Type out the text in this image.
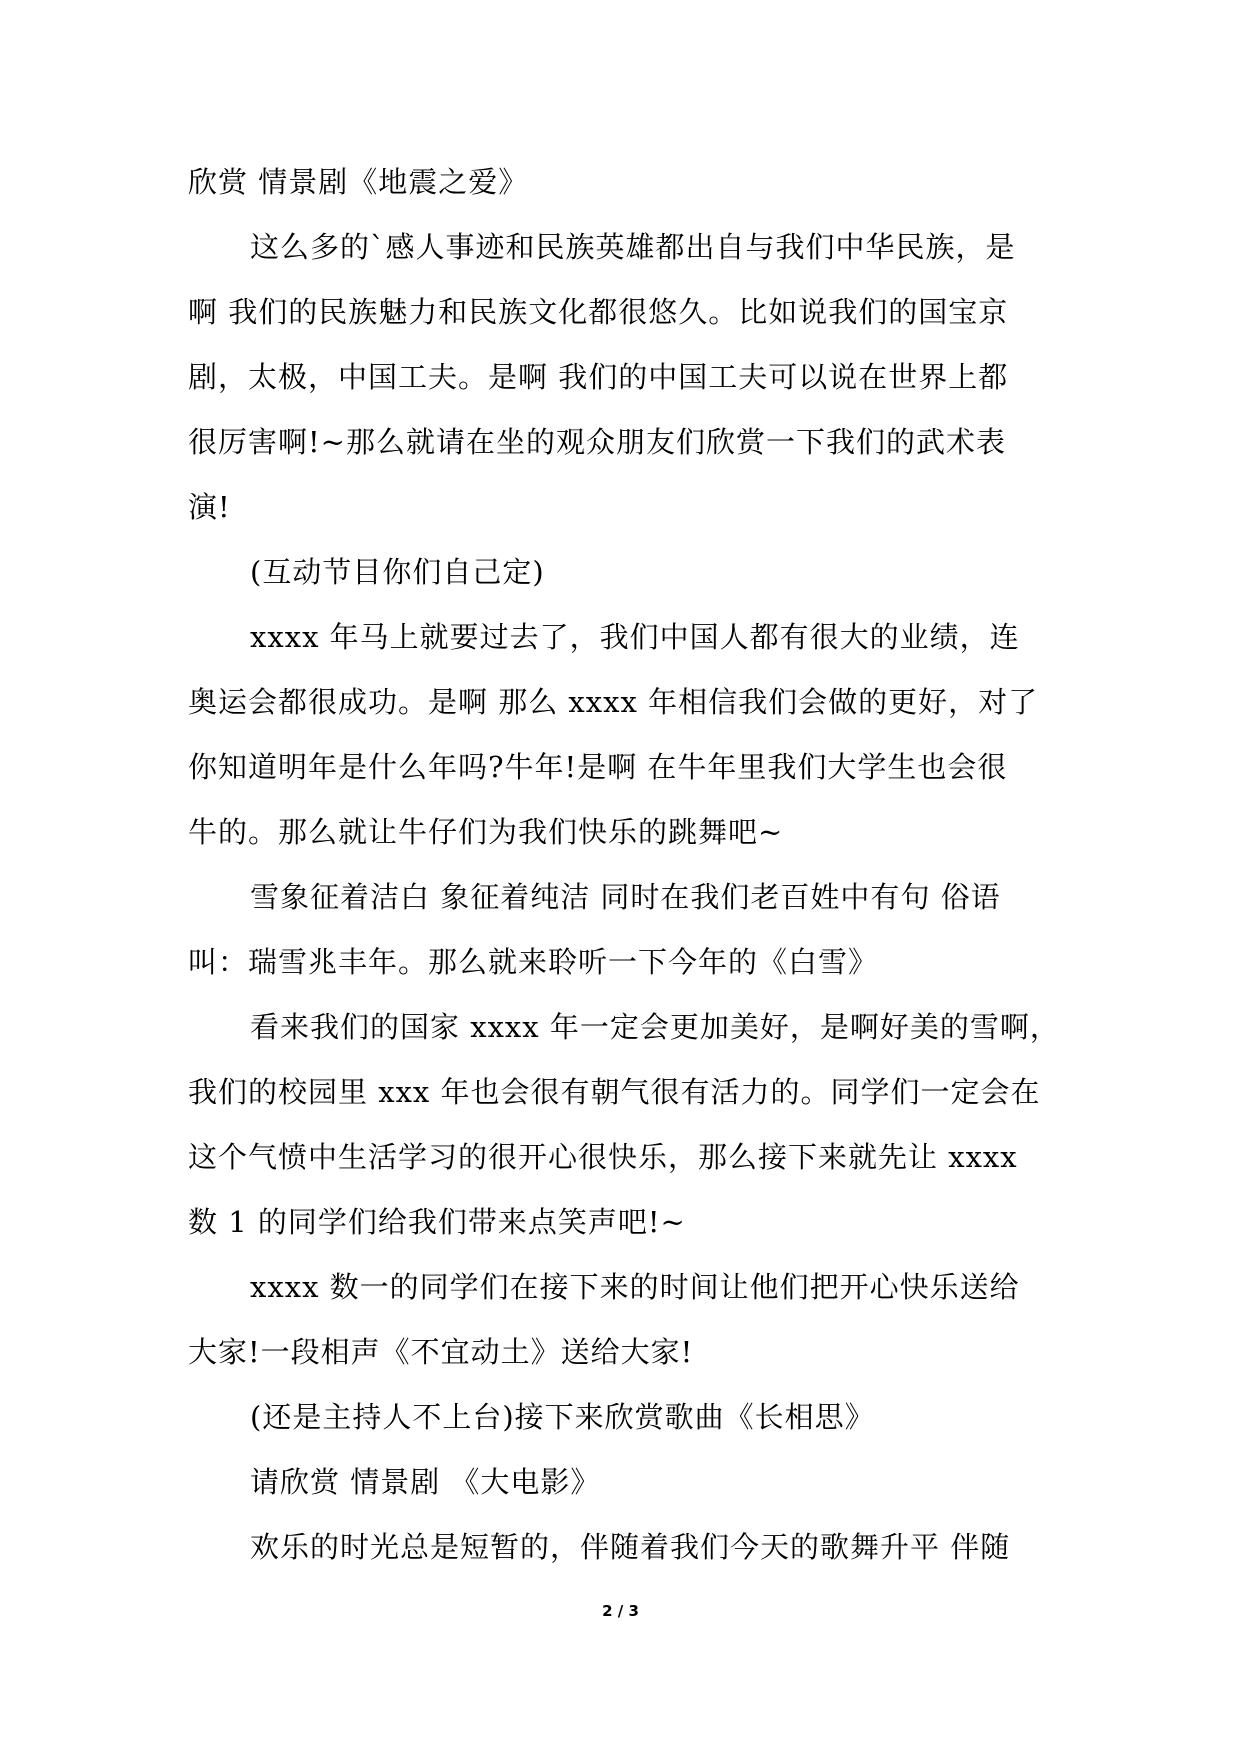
欣赏 情景剧《地震之爱》
这么多的`感人事迹和民族英雄都出自与我们中华民族，是
啊 我们的民族魅力和民族文化都很悠久。比如说我们的国宝京
剧，太极，中国工夫。是啊 我们的中国工夫可以说在世界上都
很厉害啊!~那么就请在坐的观众朋友们欣赏一下我们的武术表
演!
(互动节目你们自己定)
xxxx 年马上就要过去了，我们中国人都有很大的业绩，连
奥运会都很成功。是啊 那么 xxxx 年相信我们会做的更好，对了
你知道明年是什么年吗?牛年!是啊 在牛年里我们大学生也会很
牛的。那么就让牛仔们为我们快乐的跳舞吧~
雪象征着洁白 象征着纯洁 同时在我们老百姓中有句 俗语
叫：瑞雪兆丰年。那么就来聆听一下今年的《白雪》
看来我们的国家 xxxx 年一定会更加美好，是啊好美的雪啊，
我们的校园里 xxx 年也会很有朝气很有活力的。同学们一定会在
这个气愤中生活学习的很开心很快乐，那么接下来就先让 xxxx
数 1 的同学们给我们带来点笑声吧!~
xxxx 数一的同学们在接下来的时间让他们把开心快乐送给
大家!一段相声《不宜动土》送给大家!
(还是主持人不上台)接下来欣赏歌曲《长相思》
请欣赏 情景剧 《大电影》
欢乐的时光总是短暂的，伴随着我们今天的歌舞升平 伴随
2 / 3
